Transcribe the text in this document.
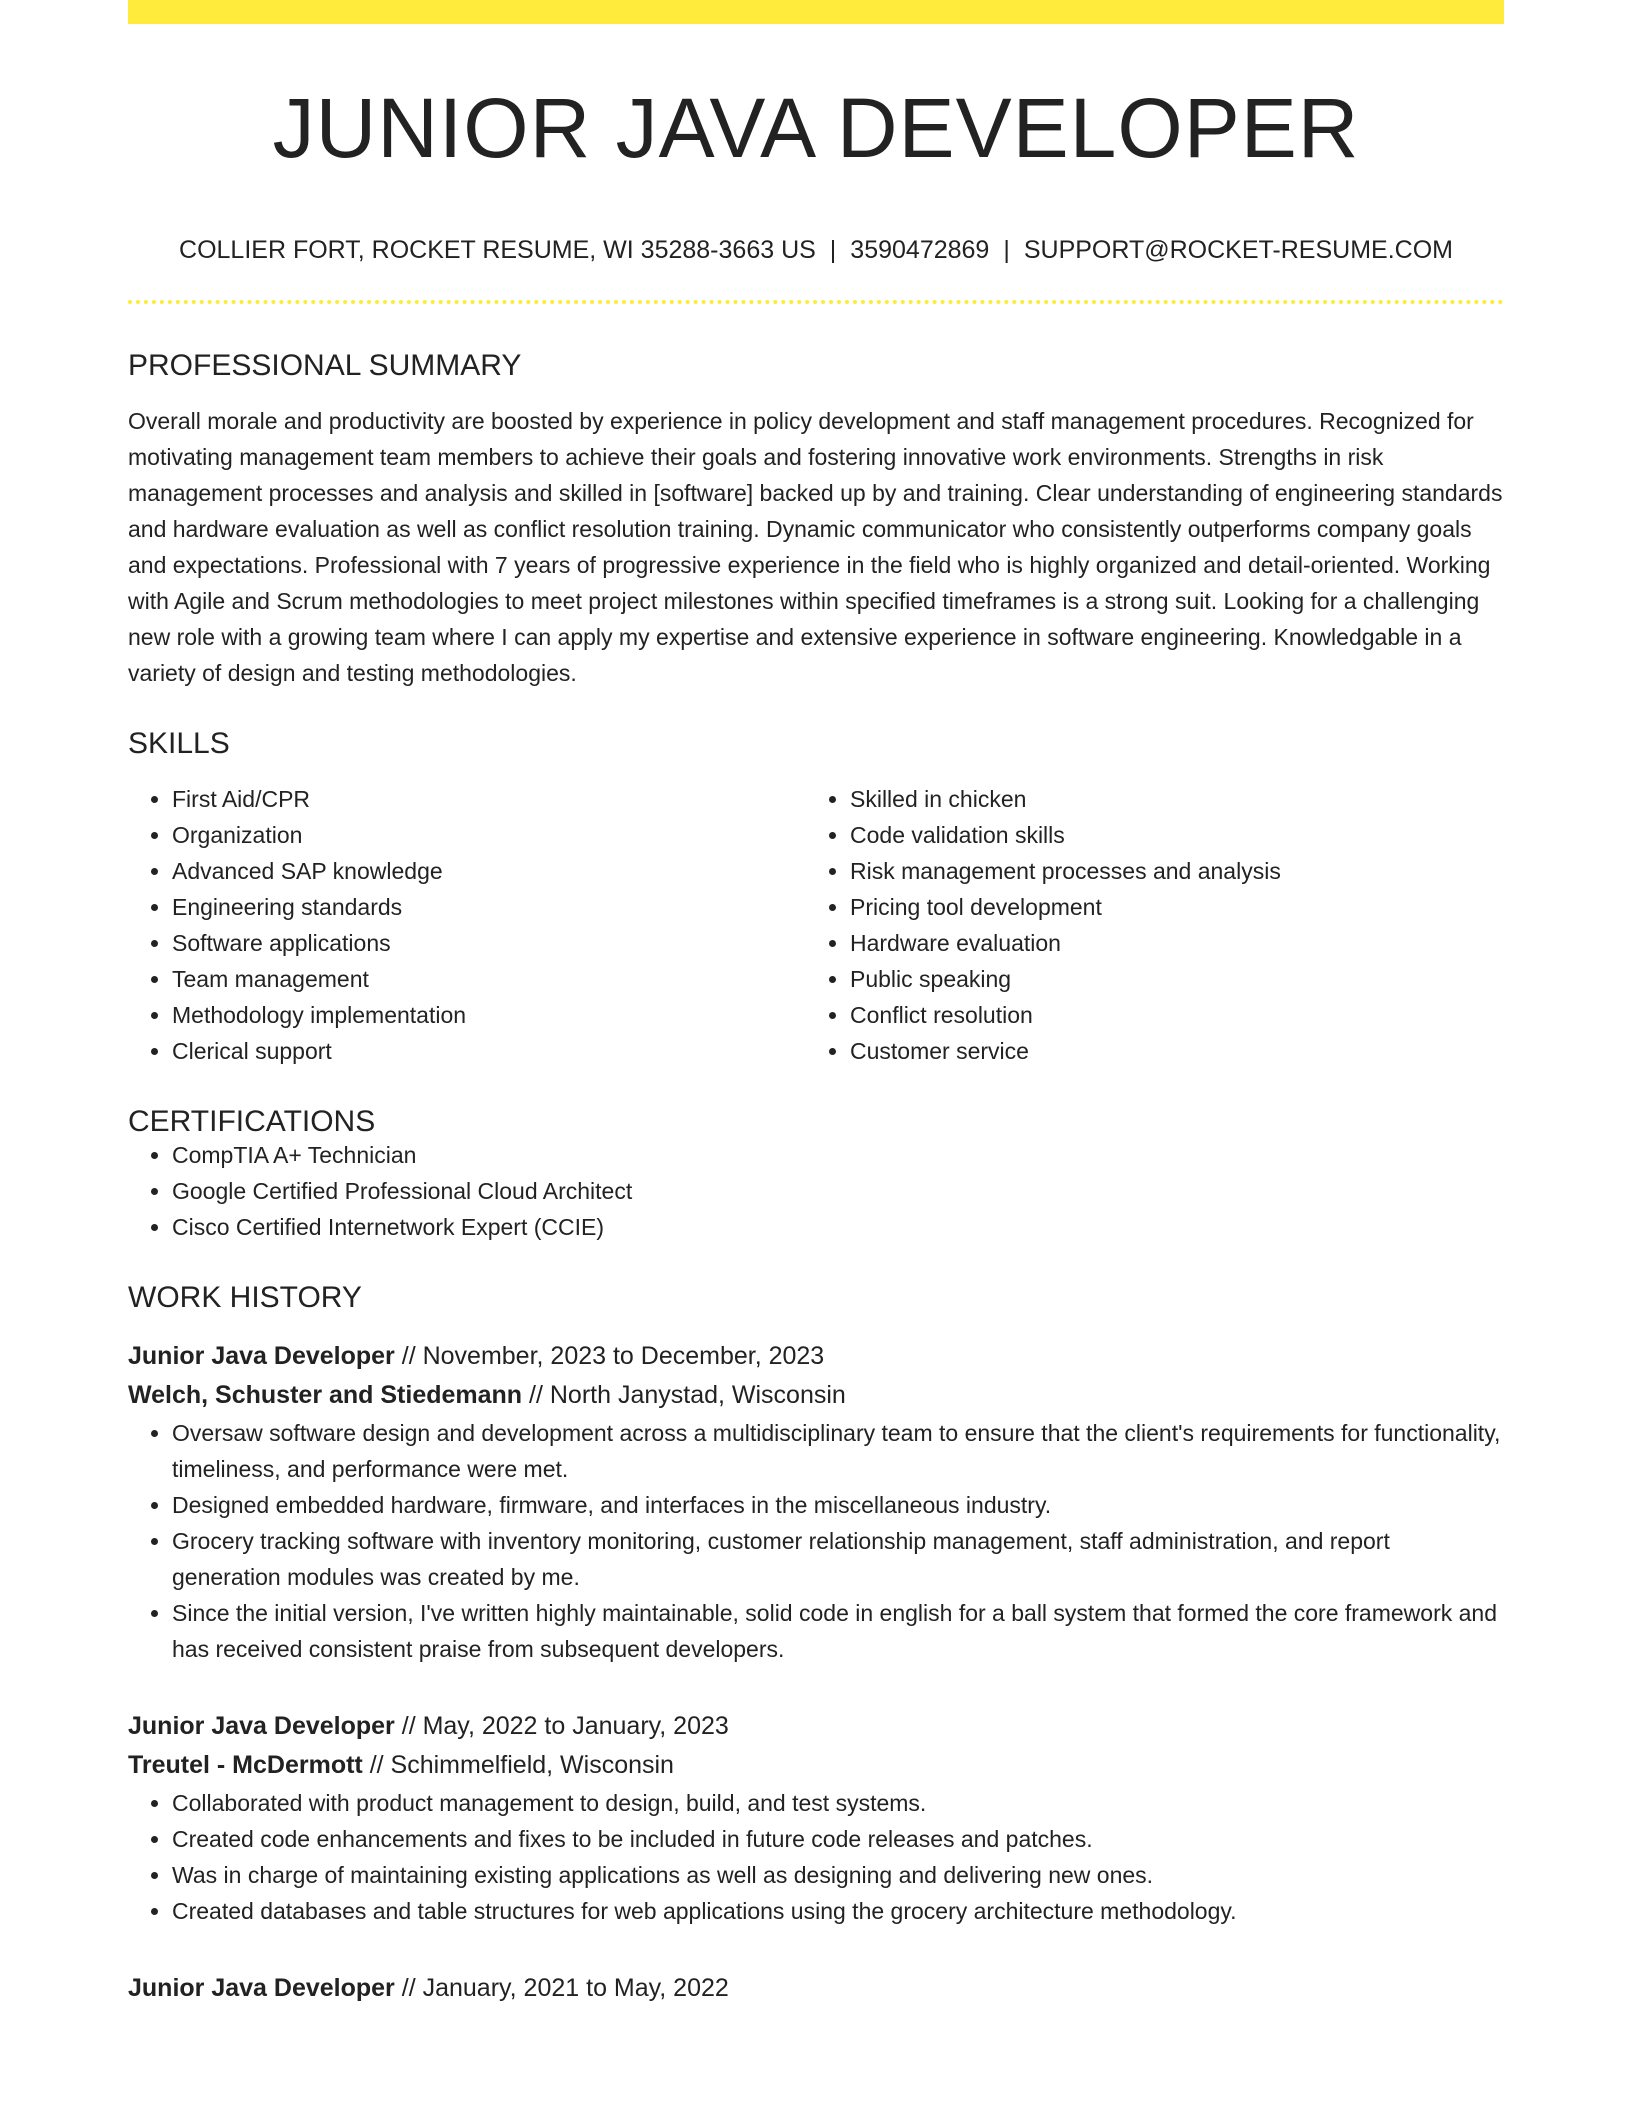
JUNIOR JAVA DEVELOPER
COLLIER FORT, ROCKET RESUME, WI 35288-3663 US | 3590472869 | SUPPORT@ROCKET-RESUME.COM
PROFESSIONAL SUMMARY
Overall morale and productivity are boosted by experience in policy development and staff management procedures. Recognized for motivating management team members to achieve their goals and fostering innovative work environments. Strengths in risk management processes and analysis and skilled in [software] backed up by and training. Clear understanding of engineering standards and hardware evaluation as well as conflict resolution training. Dynamic communicator who consistently outperforms company goals and expectations. Professional with 7 years of progressive experience in the field who is highly organized and detail-oriented. Working with Agile and Scrum methodologies to meet project milestones within specified timeframes is a strong suit. Looking for a challenging new role with a growing team where I can apply my expertise and extensive experience in software engineering. Knowledgable in a variety of design and testing methodologies.
SKILLS
• First Aid/CPR
• Organization
• Advanced SAP knowledge
• Engineering standards
• Software applications
• Team management
• Methodology implementation
• Clerical support
• Skilled in chicken
• Code validation skills
• Risk management processes and analysis
• Pricing tool development
• Hardware evaluation
• Public speaking
• Conflict resolution
• Customer service
CERTIFICATIONS
• CompTIA A+ Technician
• Google Certified Professional Cloud Architect
• Cisco Certified Internetwork Expert (CCIE)
WORK HISTORY
Junior Java Developer // November, 2023 to December, 2023
Welch, Schuster and Stiedemann // North Janystad, Wisconsin
• Oversaw software design and development across a multidisciplinary team to ensure that the client's requirements for functionality, timeliness, and performance were met.
• Designed embedded hardware, firmware, and interfaces in the miscellaneous industry.
• Grocery tracking software with inventory monitoring, customer relationship management, staff administration, and report generation modules was created by me.
• Since the initial version, I've written highly maintainable, solid code in english for a ball system that formed the core framework and has received consistent praise from subsequent developers.
Junior Java Developer // May, 2022 to January, 2023
Treutel - McDermott // Schimmelfield, Wisconsin
• Collaborated with product management to design, build, and test systems.
• Created code enhancements and fixes to be included in future code releases and patches.
• Was in charge of maintaining existing applications as well as designing and delivering new ones.
• Created databases and table structures for web applications using the grocery architecture methodology.
Junior Java Developer // January, 2021 to May, 2022
